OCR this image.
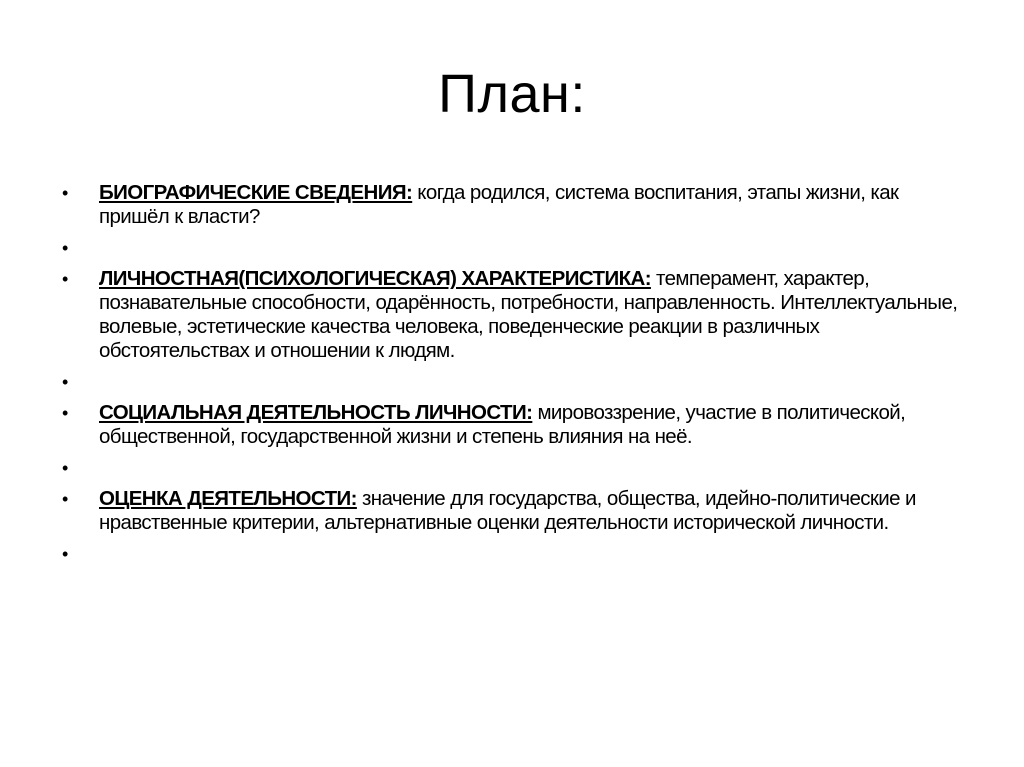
План:
•	БИОГРАФИЧЕСКИЕ СВЕДЕНИЯ: когда родился, система воспитания, этапы жизни, как пришёл к власти?
•
•	ЛИЧНОСТНАЯ(ПСИХОЛОГИЧЕСКАЯ) ХАРАКТЕРИСТИКА: темперамент, характер, познавательные способности, одарённость, потребности, направленность. Интеллектуальные, волевые, эстетические качества человека, поведенческие реакции в различных обстоятельствах и отношении к людям.
•
•	СОЦИАЛЬНАЯ ДЕЯТЕЛЬНОСТЬ ЛИЧНОСТИ: мировоззрение, участие в политической, общественной, государственной жизни и степень влияния на неё.
•
•	ОЦЕНКА ДЕЯТЕЛЬНОСТИ: значение для государства, общества, идейно-политические и нравственные критерии, альтернативные оценки деятельности исторической личности.
•
